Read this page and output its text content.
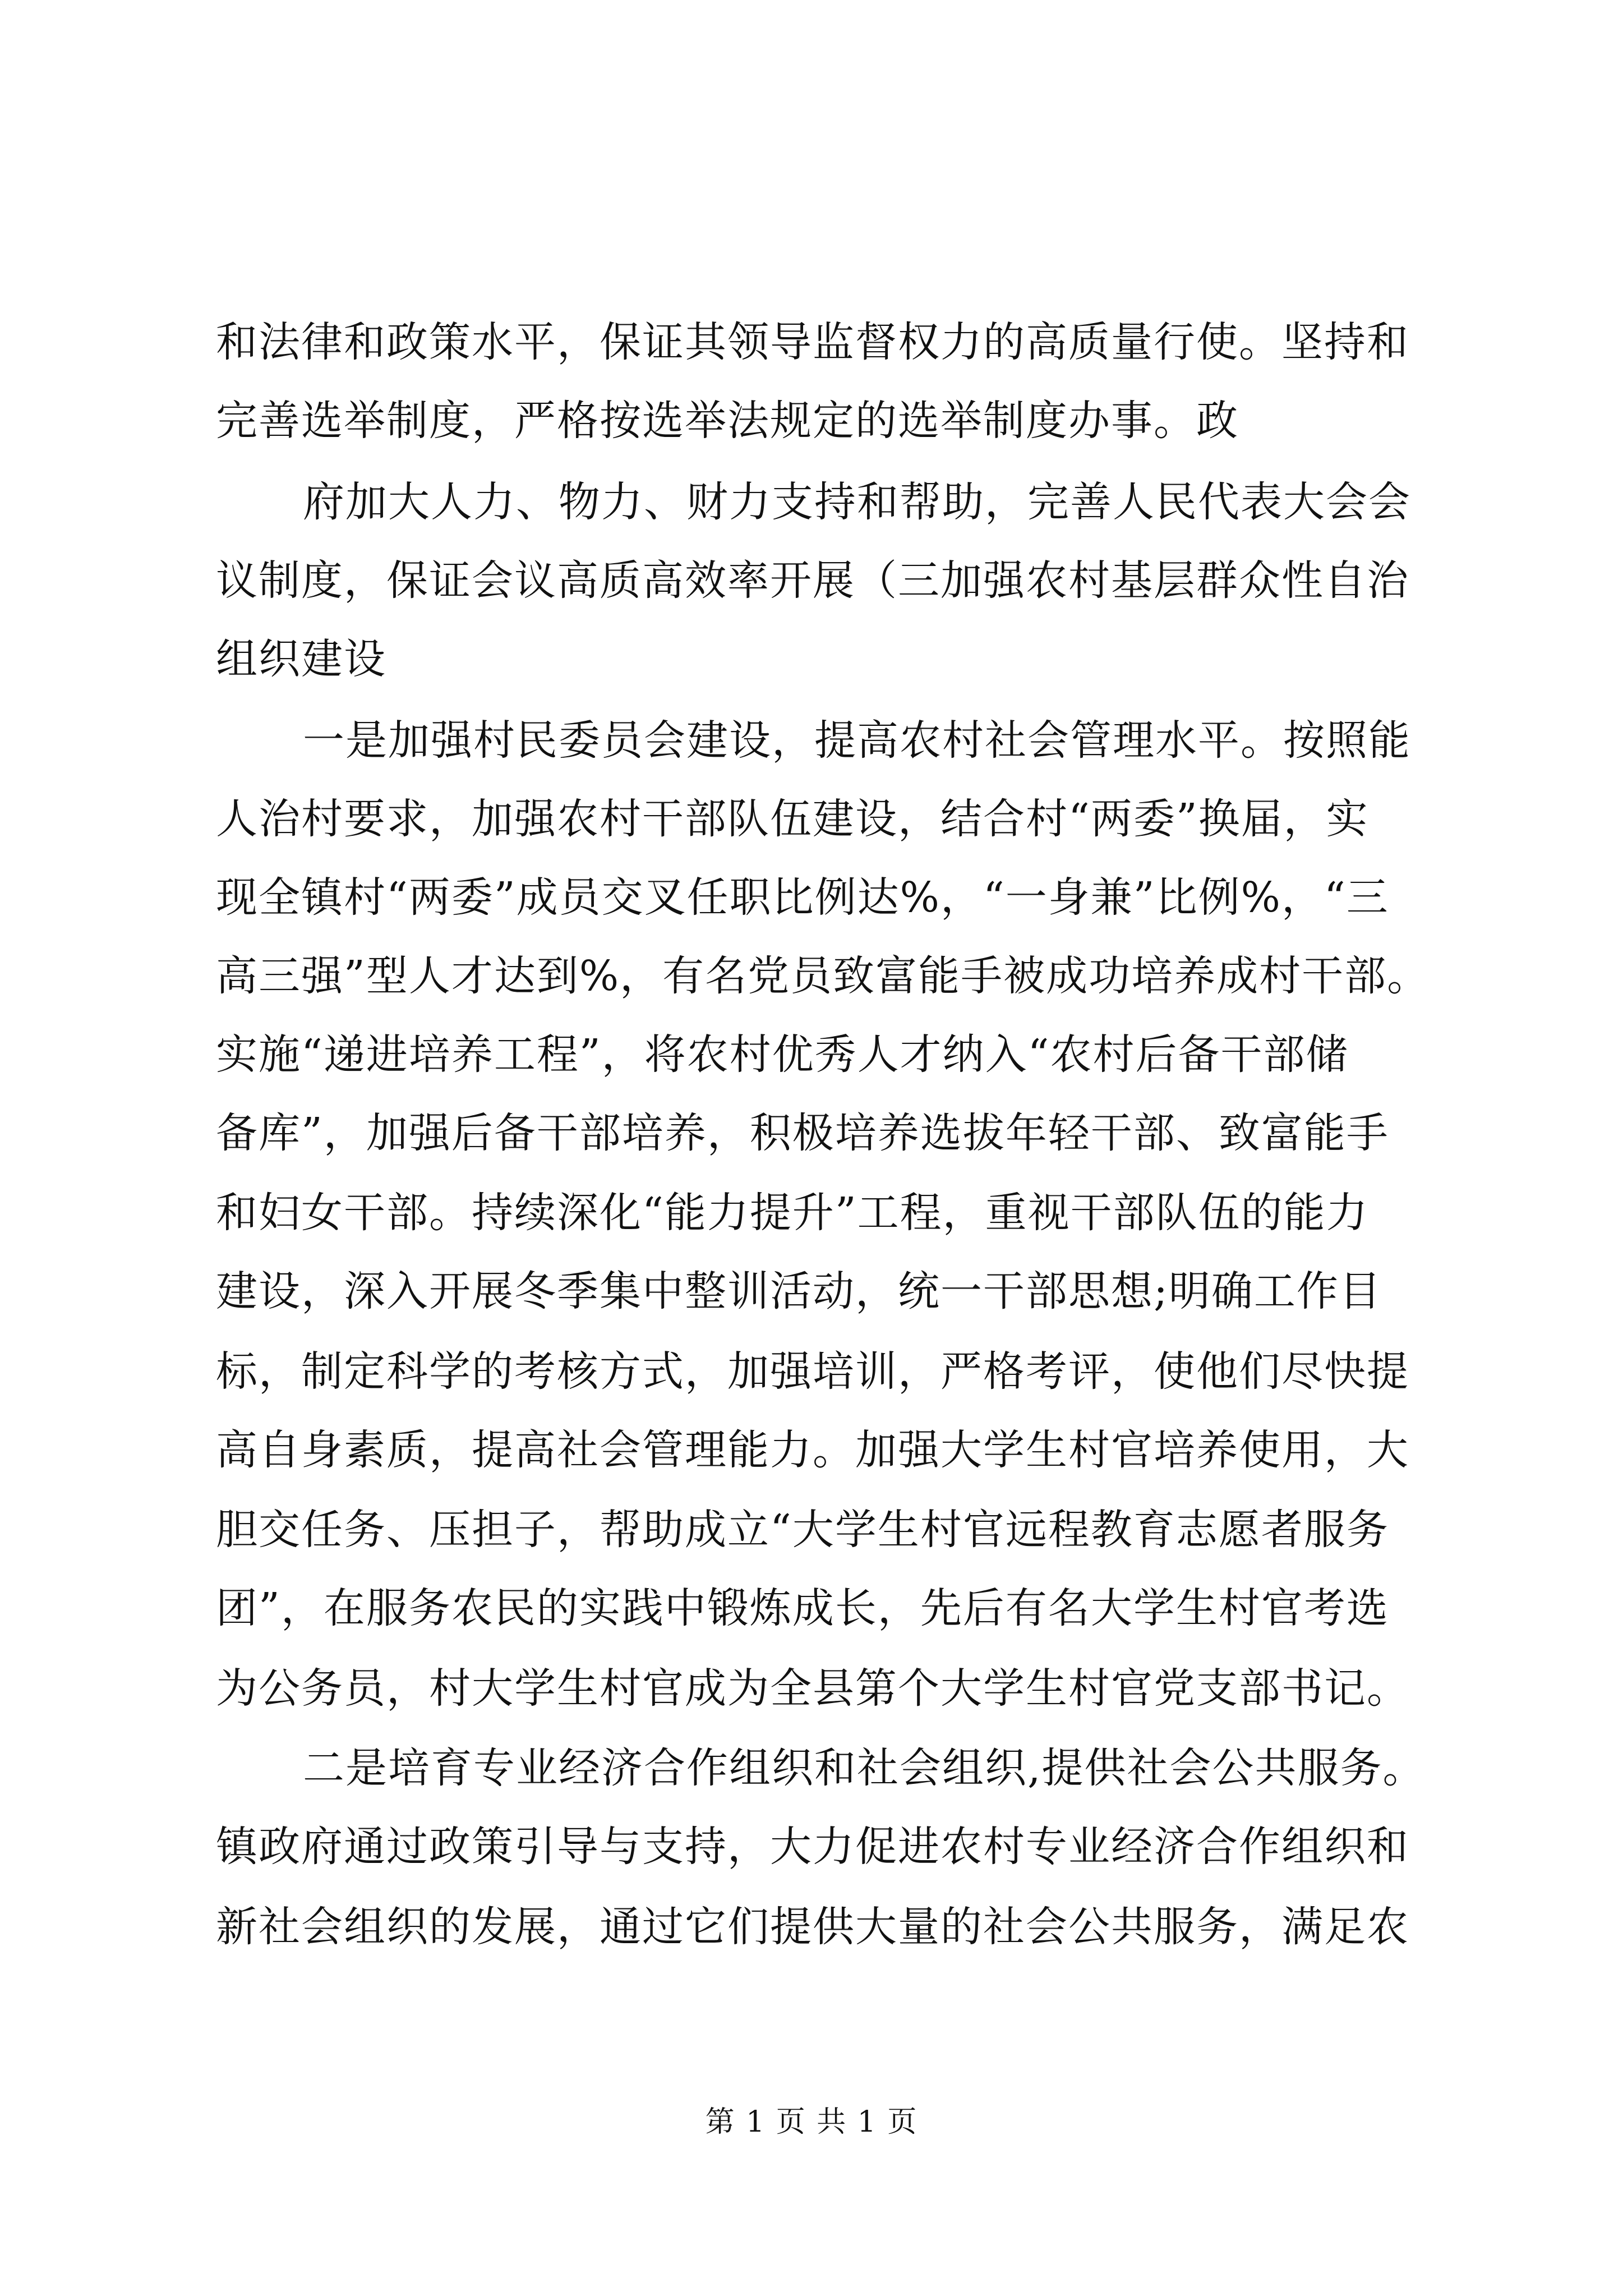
和法律和政策水平，保证其领导监督权力的高质量行使。坚持和
完善选举制度，严格按选举法规定的选举制度办事。政
府加大人力、物力、财力支持和帮助，完善人民代表大会会
议制度，保证会议高质高效率开展（三加强农村基层群众性自治
组织建设
一是加强村民委员会建设，提高农村社会管理水平。按照能
人治村要求，加强农村干部队伍建设，结合村“两委”换届，实
现全镇村“两委”成员交叉任职比例达%，“一身兼”比例%，“三
高三强”型人才达到%，有名党员致富能手被成功培养成村干部。
实施“递进培养工程”，将农村优秀人才纳入“农村后备干部储
备库”，加强后备干部培养，积极培养选拔年轻干部、致富能手
和妇女干部。持续深化“能力提升”工程，重视干部队伍的能力
建设，深入开展冬季集中整训活动，统一干部思想;明确工作目
标，制定科学的考核方式，加强培训，严格考评，使他们尽快提
高自身素质，提高社会管理能力。加强大学生村官培养使用，大
胆交任务、压担子，帮助成立“大学生村官远程教育志愿者服务
团”，在服务农民的实践中锻炼成长，先后有名大学生村官考选
为公务员，村大学生村官成为全县第个大学生村官党支部书记。
二是培育专业经济合作组织和社会组织,提供社会公共服务。
镇政府通过政策引导与支持，大力促进农村专业经济合作组织和
新社会组织的发展，通过它们提供大量的社会公共服务，满足农
第 1 页 共 1 页
